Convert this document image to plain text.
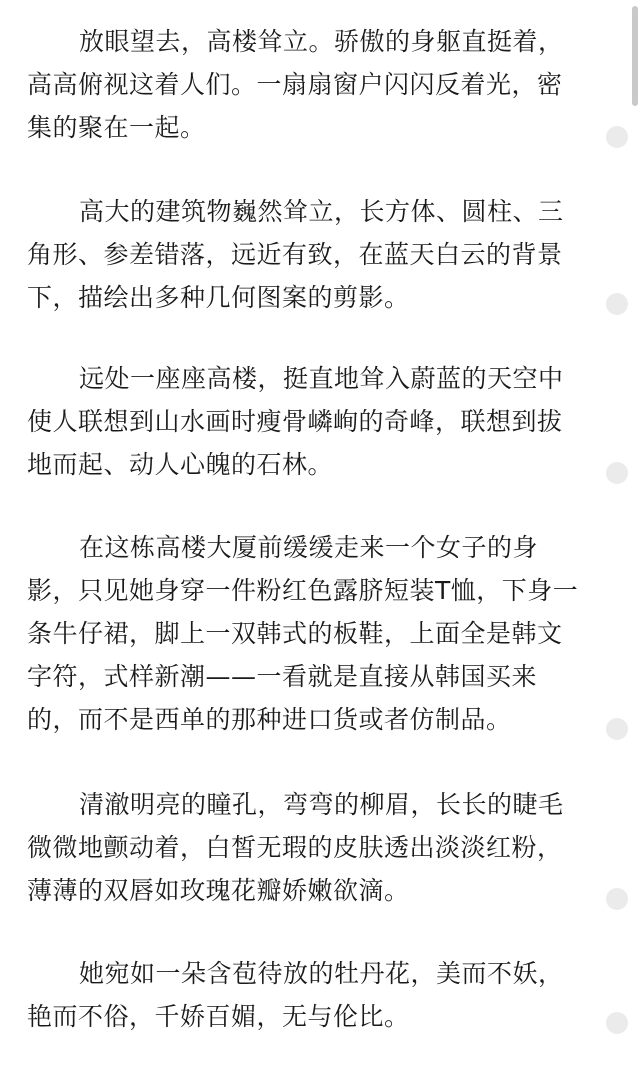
放眼望去，高楼耸立。骄傲的身躯直挺着，高高俯视这着人们。一扇扇窗户闪闪反着光，密集的聚在一起。

高大的建筑物巍然耸立，长方体、圆柱、三角形、参差错落，远近有致，在蓝天白云的背景下，描绘出多种几何图案的剪影。

远处一座座高楼，挺直地耸入蔚蓝的天空中使人联想到山水画时瘦骨嶙峋的奇峰，联想到拔地而起、动人心魄的石林。

在这栋高楼大厦前缓缓走来一个女子的身影，只见她身穿一件粉红色露脐短装T恤，下身一条牛仔裙，脚上一双韩式的板鞋，上面全是韩文字符，式样新潮——一看就是直接从韩国买来的，而不是西单的那种进口货或者仿制品。

清澈明亮的瞳孔，弯弯的柳眉，长长的睫毛微微地颤动着，白皙无瑕的皮肤透出淡淡红粉，薄薄的双唇如玫瑰花瓣娇嫩欲滴。

她宛如一朵含苞待放的牡丹花，美而不妖，艳而不俗，千娇百媚，无与伦比。
